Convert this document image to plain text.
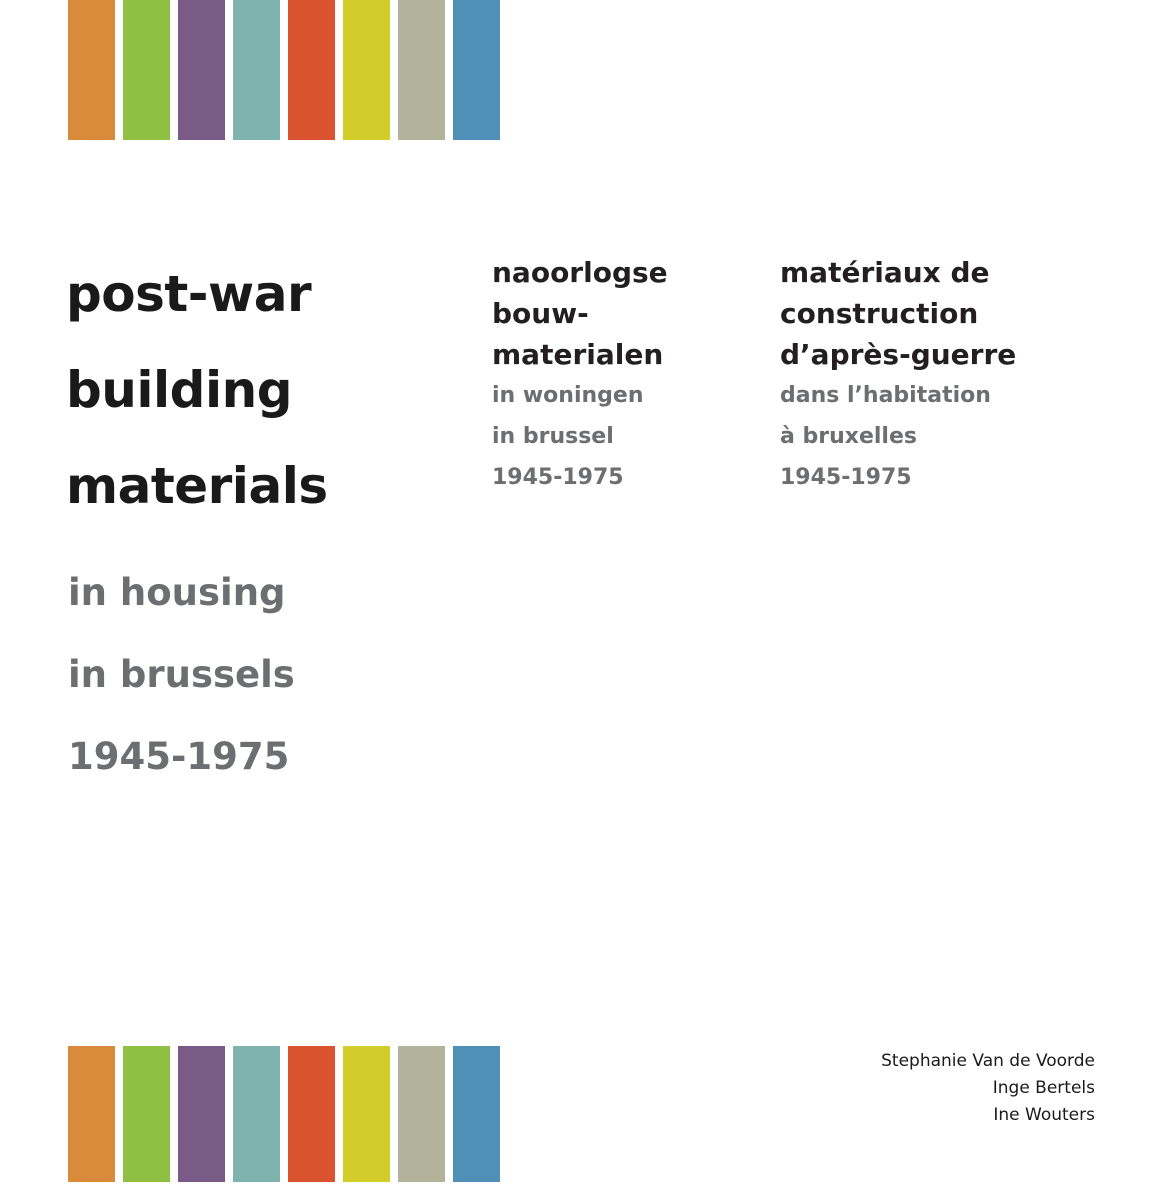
post-war
building
materials
in housing
in brussels
1945-1975
naoorlogse
bouw-
materialen
in woningen
in brussel
1945-1975
matériaux de
construction
d’après-guerre
dans l’habitation
à bruxelles
1945-1975
Stephanie Van de Voorde
Inge Bertels
Ine Wouters
